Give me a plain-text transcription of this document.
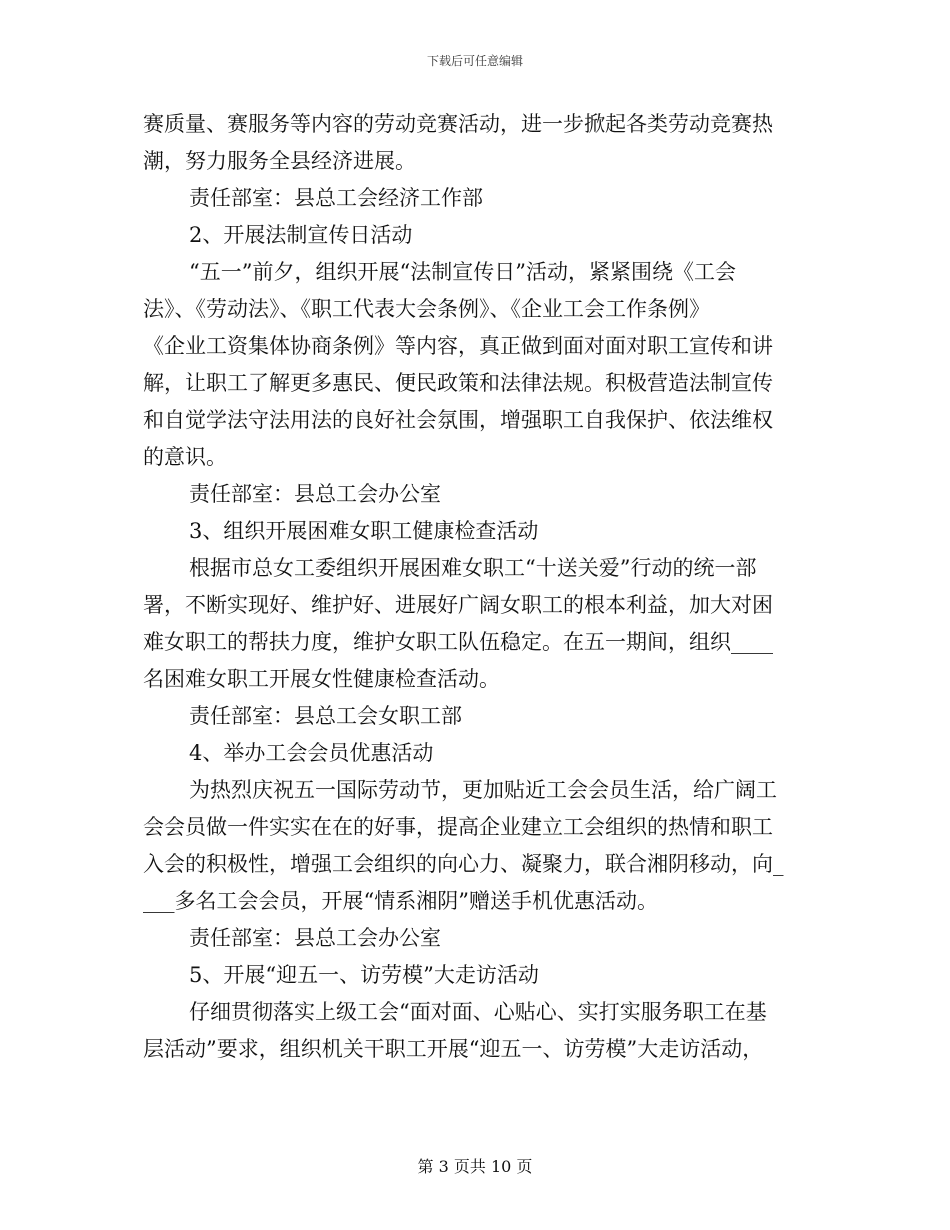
下载后可任意编辑
赛质量、赛服务等内容的劳动竞赛活动，进一步掀起各类劳动竞赛热
潮，努力服务全县经济进展。
责任部室：县总工会经济工作部
2、开展法制宣传日活动
“五一”前夕，组织开展“法制宣传日”活动，紧紧围绕《工会
法》、《劳动法》、《职工代表大会条例》、《企业工会工作条例》
《企业工资集体协商条例》等内容，真正做到面对面对职工宣传和讲
解，让职工了解更多惠民、便民政策和法律法规。积极营造法制宣传
和自觉学法守法用法的良好社会氛围，增强职工自我保护、依法维权
的意识。
责任部室：县总工会办公室
3、组织开展困难女职工健康检查活动
根据市总女工委组织开展困难女职工“十送关爱”行动的统一部
署，不断实现好、维护好、进展好广阔女职工的根本利益，加大对困
难女职工的帮扶力度，维护女职工队伍稳定。在五一期间，组织____
名困难女职工开展女性健康检查活动。
责任部室：县总工会女职工部
4、举办工会会员优惠活动
为热烈庆祝五一国际劳动节，更加贴近工会会员生活，给广阔工
会会员做一件实实在在的好事，提高企业建立工会组织的热情和职工
入会的积极性，增强工会组织的向心力、凝聚力，联合湘阴移动，向_
___多名工会会员，开展“情系湘阴”赠送手机优惠活动。
责任部室：县总工会办公室
5、开展“迎五一、访劳模”大走访活动
仔细贯彻落实上级工会“面对面、心贴心、实打实服务职工在基
层活动”要求，组织机关干职工开展“迎五一、访劳模”大走访活动，
第 3 页共 10 页
